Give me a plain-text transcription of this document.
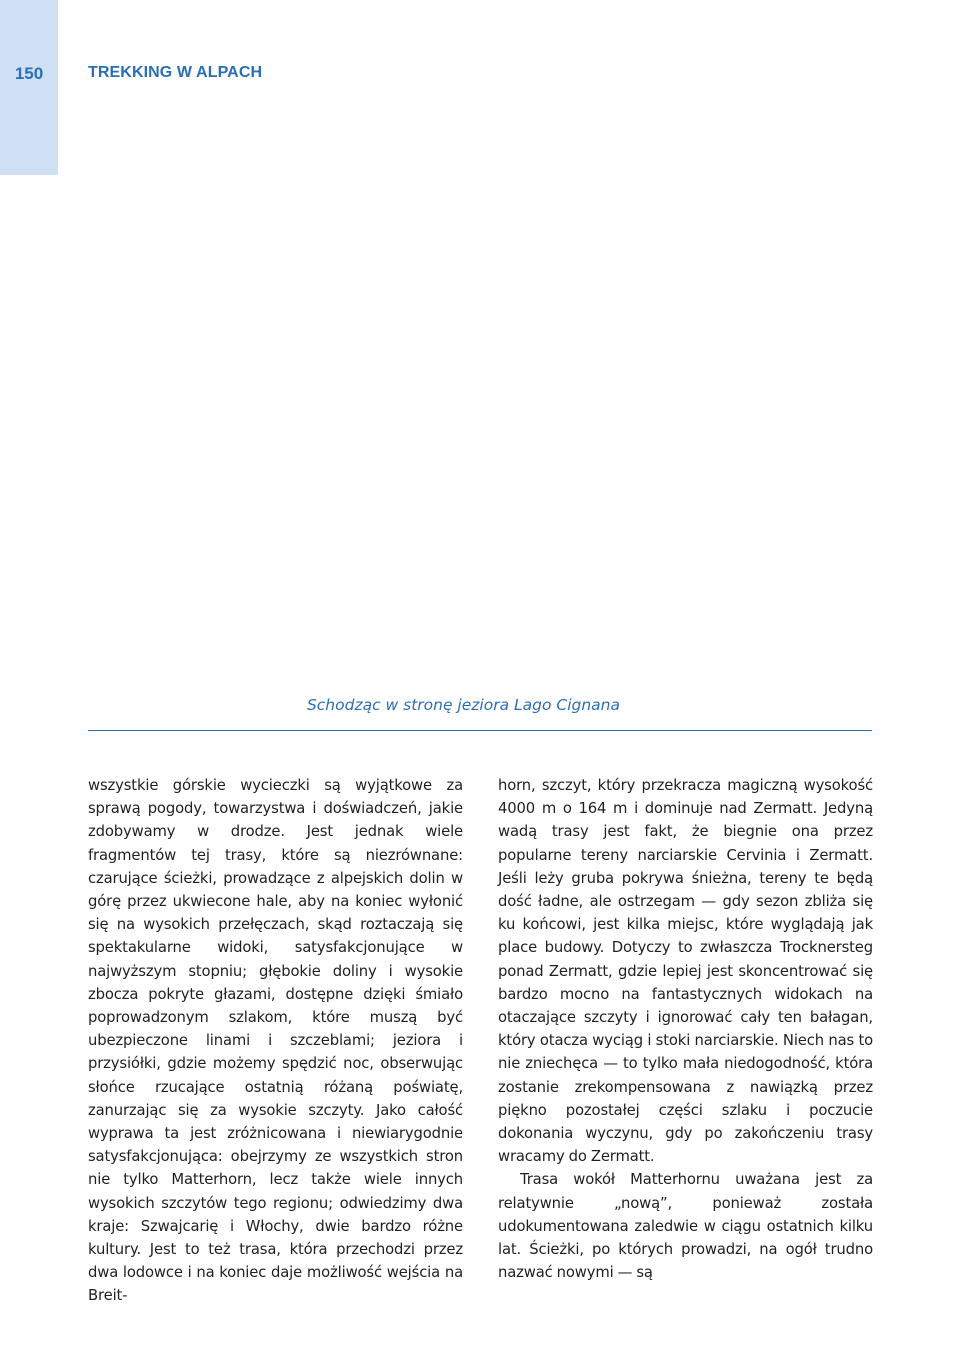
150	TREKKING W ALPACH
Schodząc w stronę jeziora Lago Cignana

wszystkie górskie wycieczki są wyjątkowe za sprawą pogody, towarzystwa i doświadczeń, jakie zdobywamy w drodze. Jest jednak wiele fragmentów tej trasy, które są niezrównane: czarujące ścieżki, prowadzące z alpejskich dolin w górę przez ukwiecone hale, aby na koniec wyłonić się na wysokich przełęczach, skąd roztaczają się spektakularne widoki, satysfakcjonujące w najwyższym stopniu; głębokie doliny i wysokie zbocza pokryte głazami, dostępne dzięki śmiało poprowadzonym szlakom, które muszą być ubezpieczone linami i szczeblami; jeziora i przysiółki, gdzie możemy spędzić noc, obserwując słońce rzucające ostatnią różaną poświatę, zanurzając się za wysokie szczyty. Jako całość wyprawa ta jest zróżnicowana i niewiarygodnie satysfakcjonująca: obejrzymy ze wszystkich stron nie tylko Matterhorn, lecz także wiele innych wysokich szczytów tego regionu; odwiedzimy dwa kraje: Szwajcarię i Włochy, dwie bardzo różne kultury. Jest to też trasa, która przechodzi przez dwa lodowce i na koniec daje możliwość wejścia na Breit-

horn, szczyt, który przekracza magiczną wysokość 4000 m o 164 m i dominuje nad Zermatt. Jedyną wadą trasy jest fakt, że biegnie ona przez popularne tereny narciarskie Cervinia i Zermatt. Jeśli leży gruba pokrywa śnieżna, tereny te będą dość ładne, ale ostrzegam — gdy sezon zbliża się ku końcowi, jest kilka miejsc, które wyglądają jak place budowy. Dotyczy to zwłaszcza Trocknersteg ponad Zermatt, gdzie lepiej jest skoncentrować się bardzo mocno na fantastycznych widokach na otaczające szczyty i ignorować cały ten bałagan, który otacza wyciąg i stoki narciarskie. Niech nas to nie zniechęca — to tylko mała niedogodność, która zostanie zrekompensowana z nawiązką przez piękno pozostałej części szlaku i poczucie dokonania wyczynu, gdy po zakończeniu trasy wracamy do Zermatt.

Trasa wokół Matterhornu uważana jest za relatywnie „nową”, ponieważ została udokumentowana zaledwie w ciągu ostatnich kilku lat. Ścieżki, po których prowadzi, na ogół trudno nazwać nowymi — są
